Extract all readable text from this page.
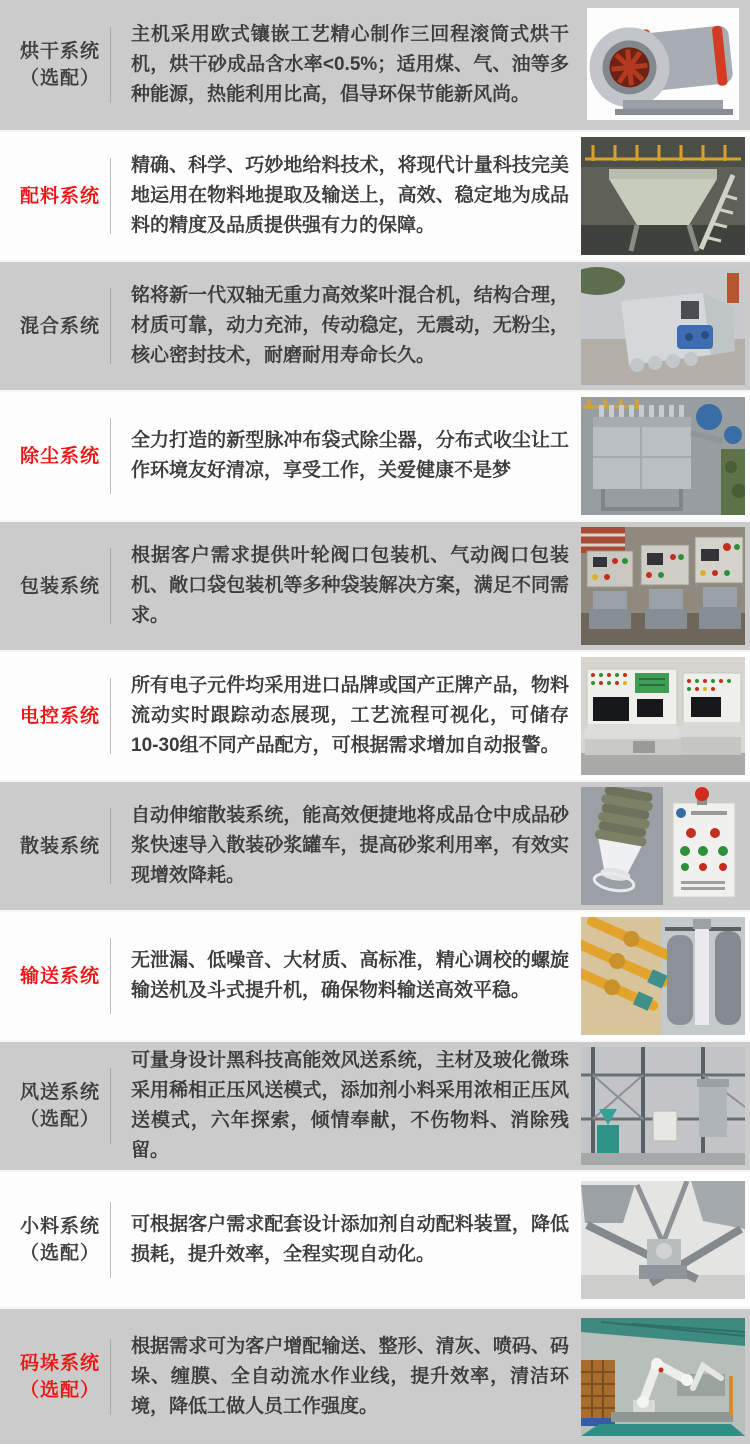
烘干系统
（选配）
主机采用欧式镶嵌工艺精心制作三回程滚筒式烘干机，烘干砂成品含水率<0.5%；适用煤、气、油等多种能源，热能利用比高，倡导环保节能新风尚。
配料系统
精确、科学、巧妙地给料技术，将现代计量科技完美地运用在物料地提取及输送上，高效、稳定地为成品料的精度及品质提供强有力的保障。
混合系统
铭将新一代双轴无重力高效桨叶混合机，结构合理，材质可靠，动力充沛，传动稳定，无震动，无粉尘，核心密封技术，耐磨耐用寿命长久。
除尘系统
全力打造的新型脉冲布袋式除尘器，分布式收尘让工作环境友好清凉，享受工作，关爱健康不是梦
包装系统
根据客户需求提供叶轮阀口包装机、气动阀口包装机、敞口袋包装机等多种袋装解决方案，满足不同需求。
电控系统
所有电子元件均采用进口品牌或国产正牌产品，物料流动实时跟踪动态展现，工艺流程可视化，可储存10-30组不同产品配方，可根据需求增加自动报警。
散装系统
自动伸缩散装系统，能高效便捷地将成品仓中成品砂浆快速导入散装砂浆罐车，提高砂浆利用率，有效实现增效降耗。
输送系统
无泄漏、低噪音、大材质、高标准，精心调校的螺旋输送机及斗式提升机，确保物料输送高效平稳。
风送系统
（选配）
可量身设计黑科技高能效风送系统，主材及玻化微珠采用稀相正压风送模式，添加剂小料采用浓相正压风送模式，六年探索，倾情奉献，不伤物料、消除残留。
小料系统
（选配）
可根据客户需求配套设计添加剂自动配料装置，降低损耗，提升效率，全程实现自动化。
码垛系统
（选配）
根据需求可为客户增配输送、整形、清灰、喷码、码垛、缠膜、全自动流水作业线，提升效率，清洁环境，降低工做人员工作强度。
